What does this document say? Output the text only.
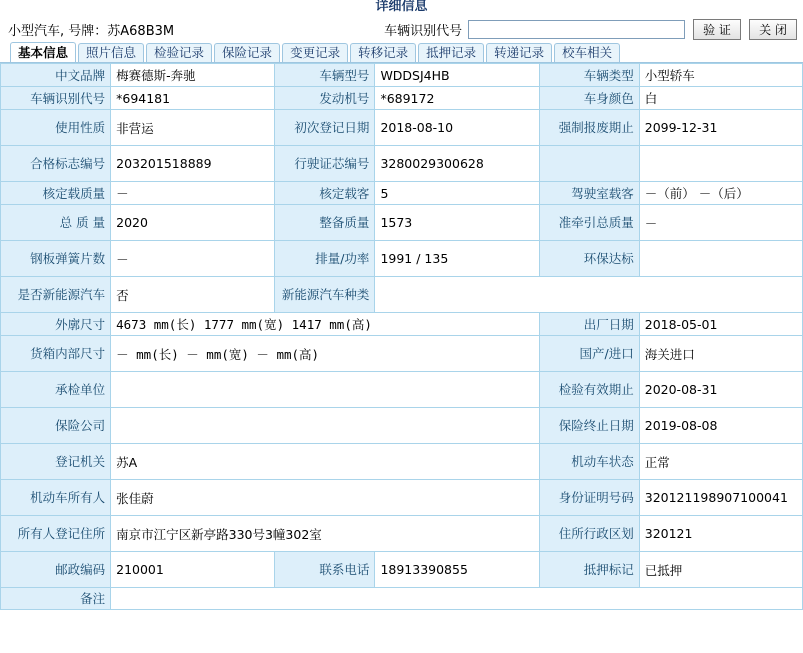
详细信息
小型汽车, 号牌：苏A68B3M	车辆识别代号	验 证	关 闭
基本信息	照片信息	检验记录	保险记录	变更记录	转移记录	抵押记录	转递记录	校车相关
中文品牌	梅赛德斯-奔驰	车辆型号	WDDSJ4HB	车辆类型	小型轿车
车辆识别代号	*694181	发动机号	*689172	车身颜色	白
使用性质	非营运	初次登记日期	2018-08-10	强制报废期止	2099-12-31
合格标志编号	203201518889	行驶证芯编号	3280029300628		
核定载质量	－	核定载客	5	驾驶室载客	－（前） －（后）
总 质 量	2020	整备质量	1573	准牵引总质量	－
钢板弹簧片数	－	排量/功率	1991 / 135	环保达标	
是否新能源汽车	否	新能源汽车种类			
外廓尺寸	4673 mm(长) 1777 mm(宽) 1417 mm(高)			出厂日期	2018-05-01
货箱内部尺寸	－ mm(长) － mm(宽) － mm(高)			国产/进口	海关进口
承检单位				检验有效期止	2020-08-31
保险公司				保险终止日期	2019-08-08
登记机关	苏A			机动车状态	正常
机动车所有人	张佳蔚			身份证明号码	320121198907100041
所有人登记住所	南京市江宁区新亭路330号3幢302室			住所行政区划	320121
邮政编码	210001	联系电话	18913390855	抵押标记	已抵押
备注					
